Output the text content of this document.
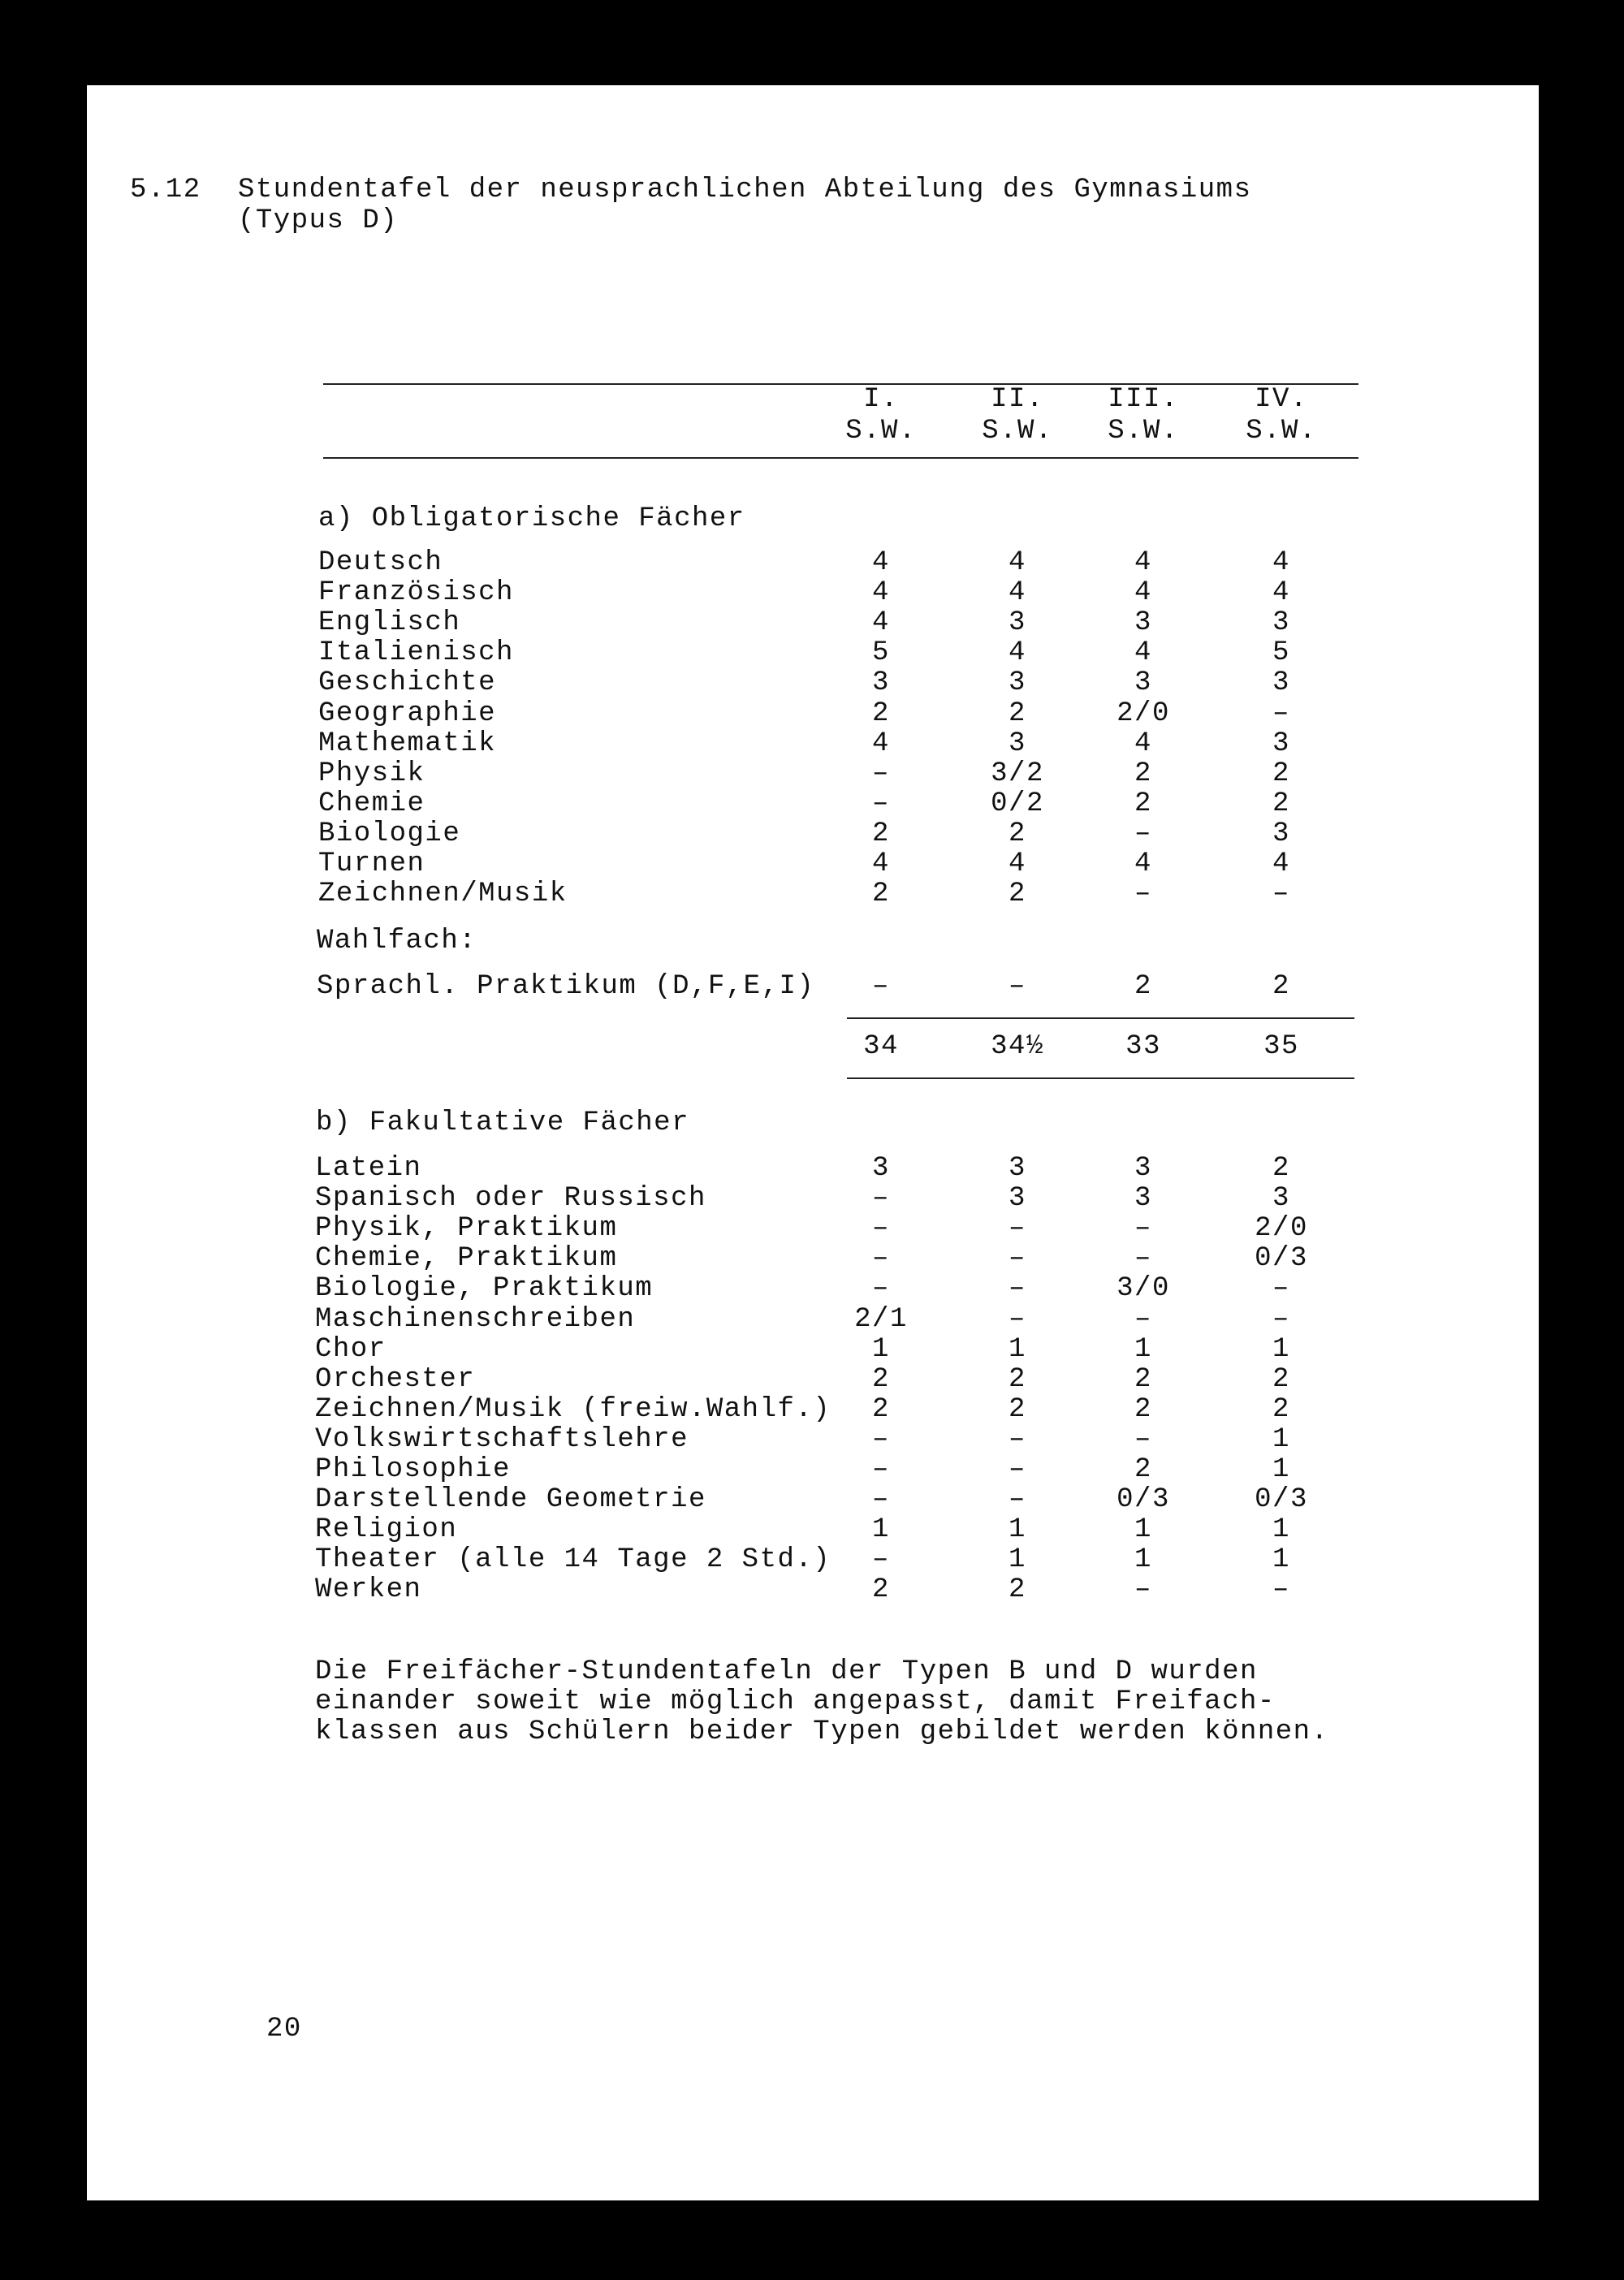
5.12 Stundentafel der neusprachlichen Abteilung des Gymnasiums
(Typus D)
20
I.
S.W.
II.
S.W.
III.
S.W.
IV.
S.W.
a) Obligatorische Fächer
Deutsch	4	4	4	4
Französisch	4	4	4	4
Englisch	4	3	3	3
Italienisch	5	4	4	5
Geschichte	3	3	3	3
Geographie	2	2	2/0	–
Mathematik	4	3	4	3
Physik	–	3/2	2	2
Chemie	–	0/2	2	2
Biologie	2	2	–	3
Turnen	4	4	4	4
Zeichnen/Musik	2	2	–	–
Wahlfach:
Sprachl. Praktikum (D,F,E,I)	–	–	2	2
34	34½	33	35
b) Fakultative Fächer
Latein	3	3	3	2
Spanisch oder Russisch	–	3	3	3
Physik, Praktikum	–	–	–	2/0
Chemie, Praktikum	–	–	–	0/3
Biologie, Praktikum	–	–	3/0	–
Maschinenschreiben	2/1	–	–	–
Chor	1	1	1	1
Orchester	2	2	2	2
Zeichnen/Musik (freiw.Wahlf.)	2	2	2	2
Volkswirtschaftslehre	–	–	–	1
Philosophie	–	–	2	1
Darstellende Geometrie	–	–	0/3	0/3
Religion	1	1	1	1
Theater (alle 14 Tage 2 Std.)	–	1	1	1
Werken	2	2	–	–
Die Freifächer-Stundentafeln der Typen B und D wurden
einander soweit wie möglich angepasst, damit Freifach-
klassen aus Schülern beider Typen gebildet werden können.
